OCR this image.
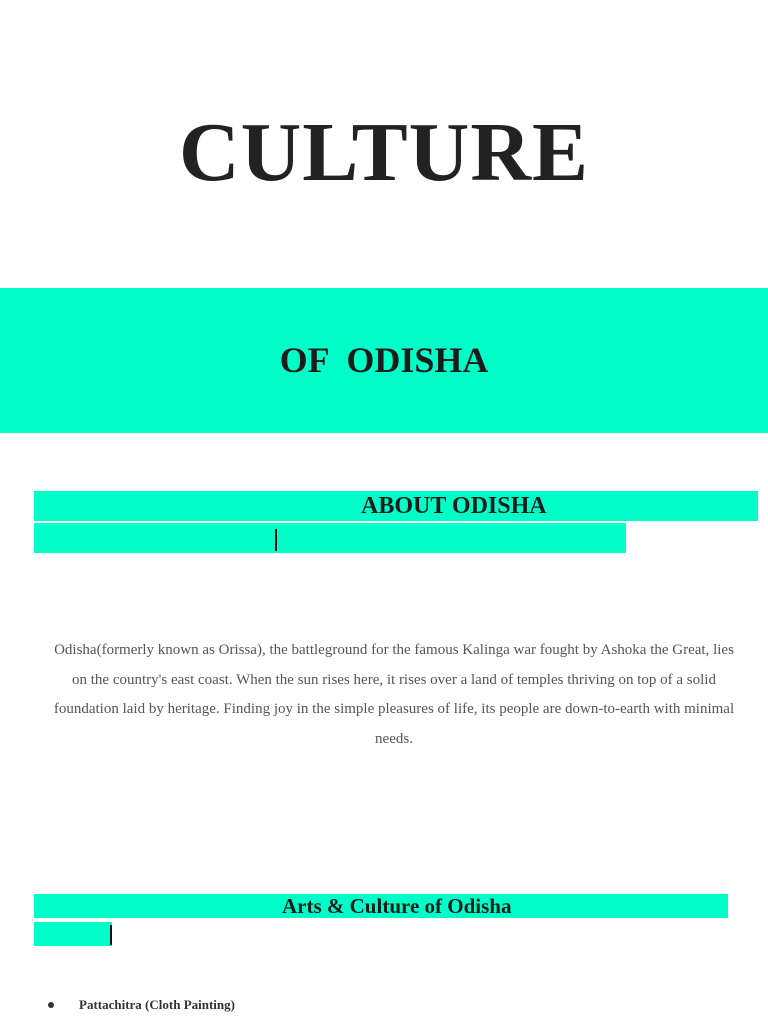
CULTURE
OF  ODISHA
ABOUT ODISHA

Odisha(formerly known as Orissa), the battleground for the famous Kalinga war fought by Ashoka the Great, lies on the country's east coast. When the sun rises here, it rises over a land of temples thriving on top of a solid foundation laid by heritage. Finding joy in the simple pleasures of life, its people are down-to-earth with minimal needs.

Arts & Culture of Odisha
Pattachitra (Cloth Painting)
